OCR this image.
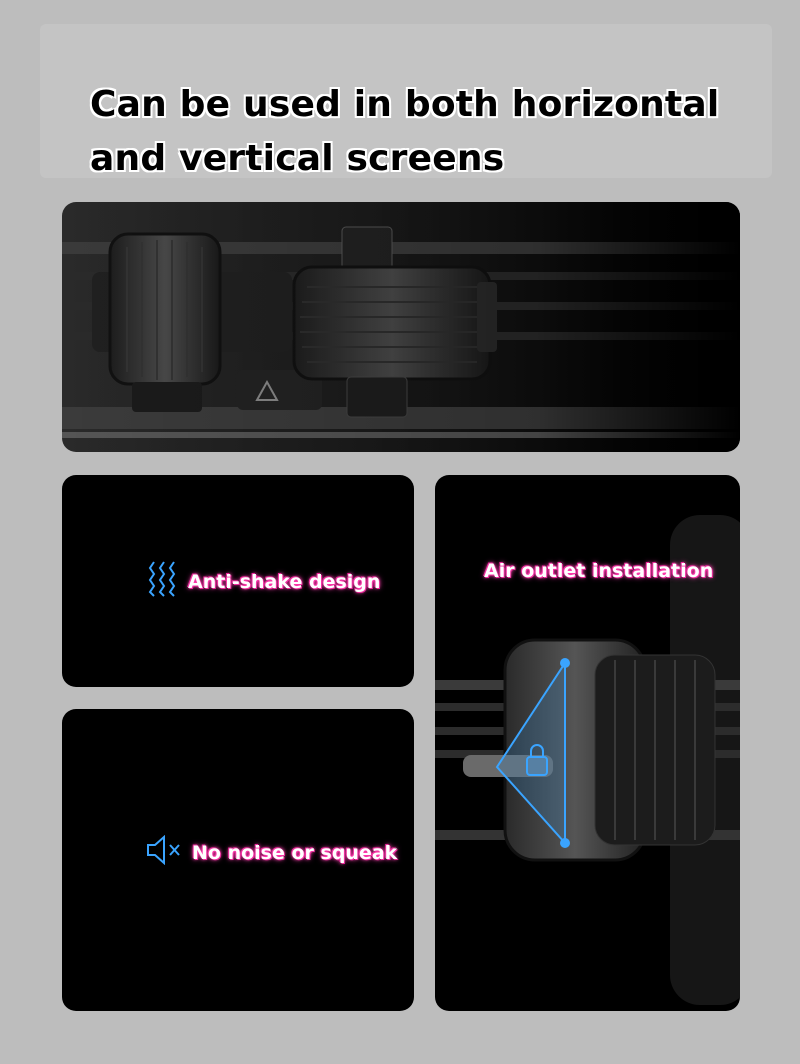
Can be used in both horizontal
and vertical screens
Anti-shake design
No noise or squeak
Air outlet installation
